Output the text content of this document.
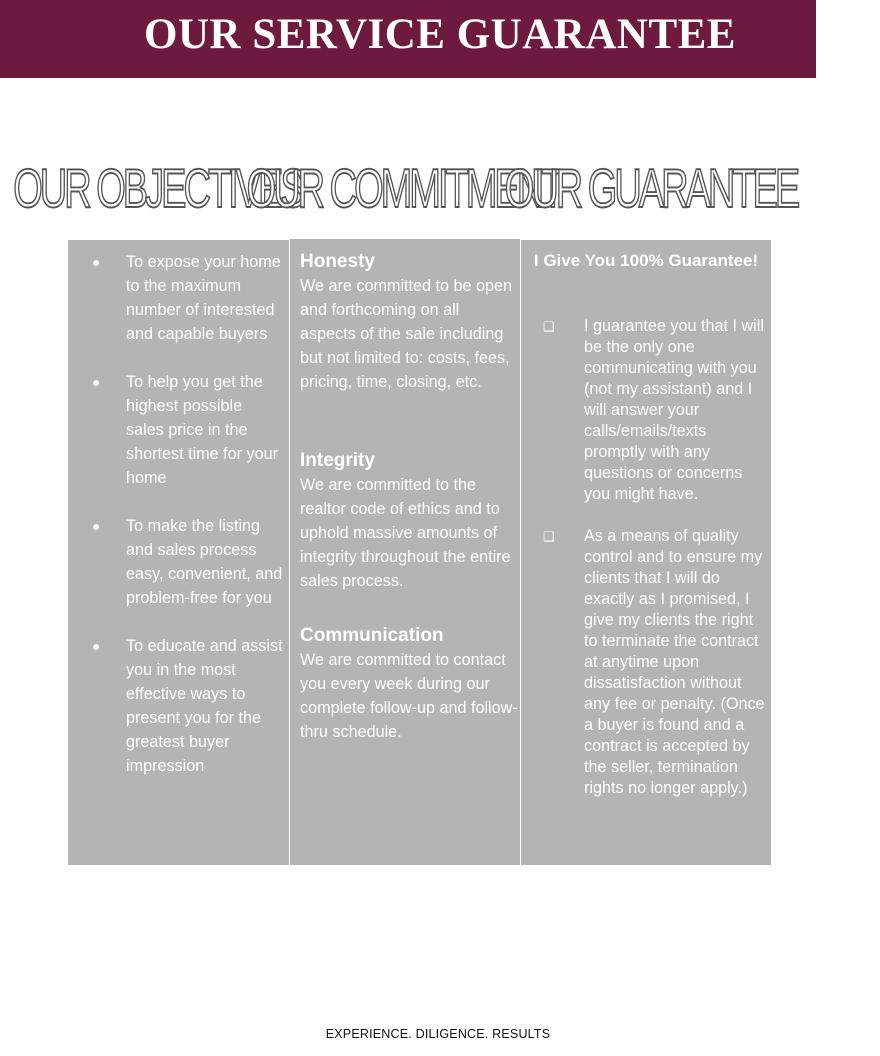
OUR SERVICE GUARANTEE
OUR OBJECTIVES
OUR COMMITMENT
OUR GUARANTEE
● To expose your home to the maximum number of interested and capable buyers
● To help you get the highest possible sales price in the shortest time for your home
● To make the listing and sales process easy, convenient, and problem-free for you
● To educate and assist you in the most effective ways to present you for the greatest buyer impression
Honesty
We are committed to be open and forthcoming on all aspects of the sale including but not limited to: costs, fees, pricing, time, closing, etc.
Integrity
We are committed to the realtor code of ethics and to uphold massive amounts of integrity throughout the entire sales process.
Communication
We are committed to contact you every week during our complete follow-up and follow-thru schedule.
I Give You 100% Guarantee!
❏ I guarantee you that I will be the only one communicating with you (not my assistant) and I will answer your calls/emails/texts promptly with any questions or concerns you might have.
❏ As a means of quality control and to ensure my clients that I will do exactly as I promised, I give my clients the right to terminate the contract at anytime upon dissatisfaction without any fee or penalty. (Once a buyer is found and a contract is accepted by the seller, termination rights no longer apply.)
EXPERIENCE. DILIGENCE. RESULTS
